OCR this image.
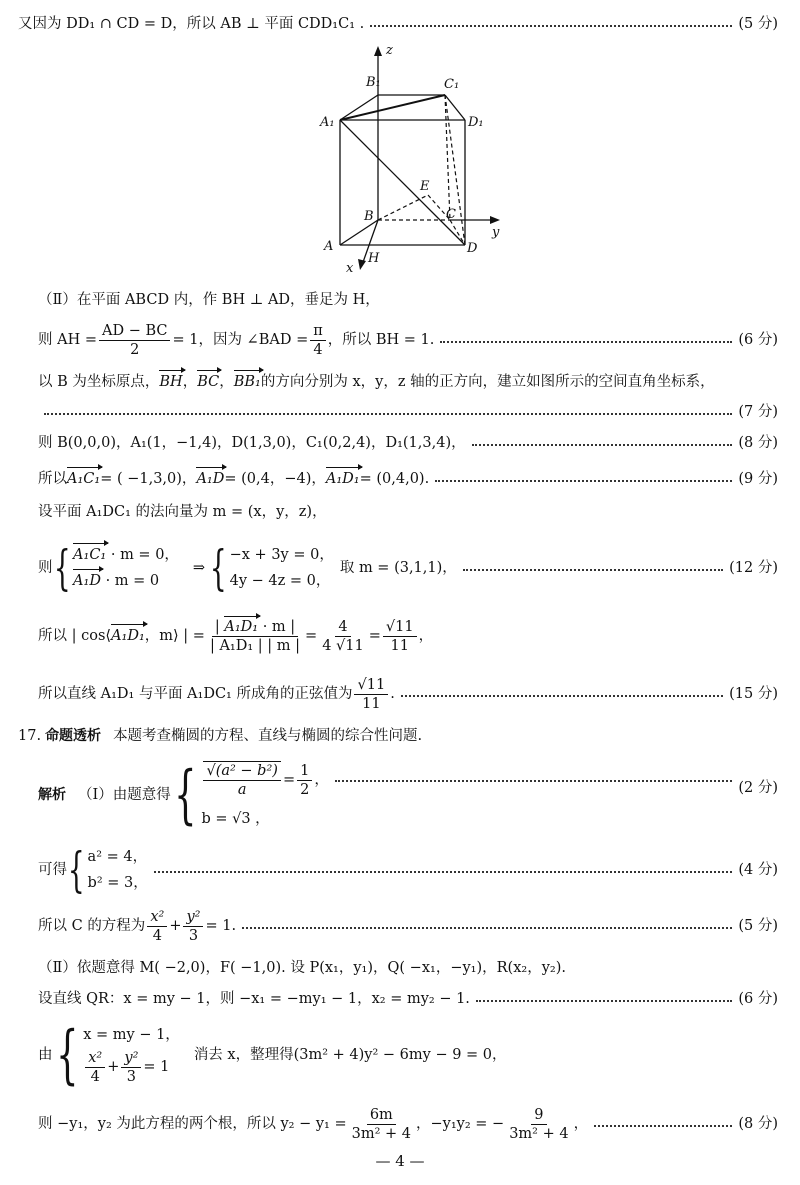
又因为 DD₁ ∩ CD = D，所以 AB ⊥ 平面 CDD₁C₁ .	(5 分)
z
y
x
A
B	C
D
A₁
B₁	C₁
D₁
E
H
（Ⅱ）在平面 ABCD 内，作 BH ⊥ AD，垂足为 H，
则 AH = $\frac{AD - BC}{2} = 1$，因为 ∠BAD = $\frac{\pi}{4}$ ，所以 BH = 1.	(6 分)
以 B 为坐标原点， BH ， BC ， BB₁ 的方向分别为 x，y，z 轴的正方向，建立如图所示的空间直角坐标系，
(7 分)
则 B(0,0,0)，A₁(1，−1,4)，D(1,3,0)，C₁(0,2,4)，D₁(1,3,4)，	(8 分)
所以 A₁C₁ = ( −1,3,0)， A₁D = (0,4，−4)， A₁D₁ = (0,4,0).	(9 分)
设平面 A₁DC₁ 的法向量为 m = (x，y，z)，
则 { A₁C₁ · m = 0，
A₁D · m = 0
⇒ { −x + 3y = 0，
4y − 4z = 0，
取 m = (3,1,1)，	(12 分)
所以 | cos⟨ A₁D₁ ，m⟩ | = $\frac{\text{| A₁D₁ · m |}}{\text{| A₁D₁ | | m |}} = \frac{4}{4 √11} = \frac{√11}{11}$ ，
所以直线 A₁D₁ 与平面 A₁DC₁ 所成角的正弦值为 $\frac{√11}{11}$ .	(15 分)
17. 命题透析 本题考查椭圆的方程、直线与椭圆的综合性问题.
解析 （Ⅰ）由题意得 { $\frac{\text{√(a² − b²)}}{a} = \frac{1}{2}$ ，
b = √3 ，
(2 分)
可得 { a² = 4，
b² = 3，
(4 分)
所以 C 的方程为 $\frac{\text{x²}}{4} + \frac{\text{y²}}{3} = 1$.	(5 分)
（Ⅱ）依题意得 M( −2,0)，F( −1,0). 设 P(x₁，y₁)，Q( −x₁，−y₁)，R(x₂，y₂).
设直线 QR：x = my − 1，则 −x₁ = −my₁ − 1，x₂ = my₂ − 1.	(6 分)
由 { x = my − 1，
$\frac{\text{x²}}{4} + \frac{\text{y²}}{3} = 1$
消去 x，整理得(3m² + 4)y² − 6my − 9 = 0，
则 −y₁，y₂ 为此方程的两个根，所以 $y_2 - y_1 = \frac{6m}{\text{3m² + 4}}$ ，−y₁y₂ = − $\frac{9}{\text{3m² + 4}}$ ，	(8 分)
— 4 —
